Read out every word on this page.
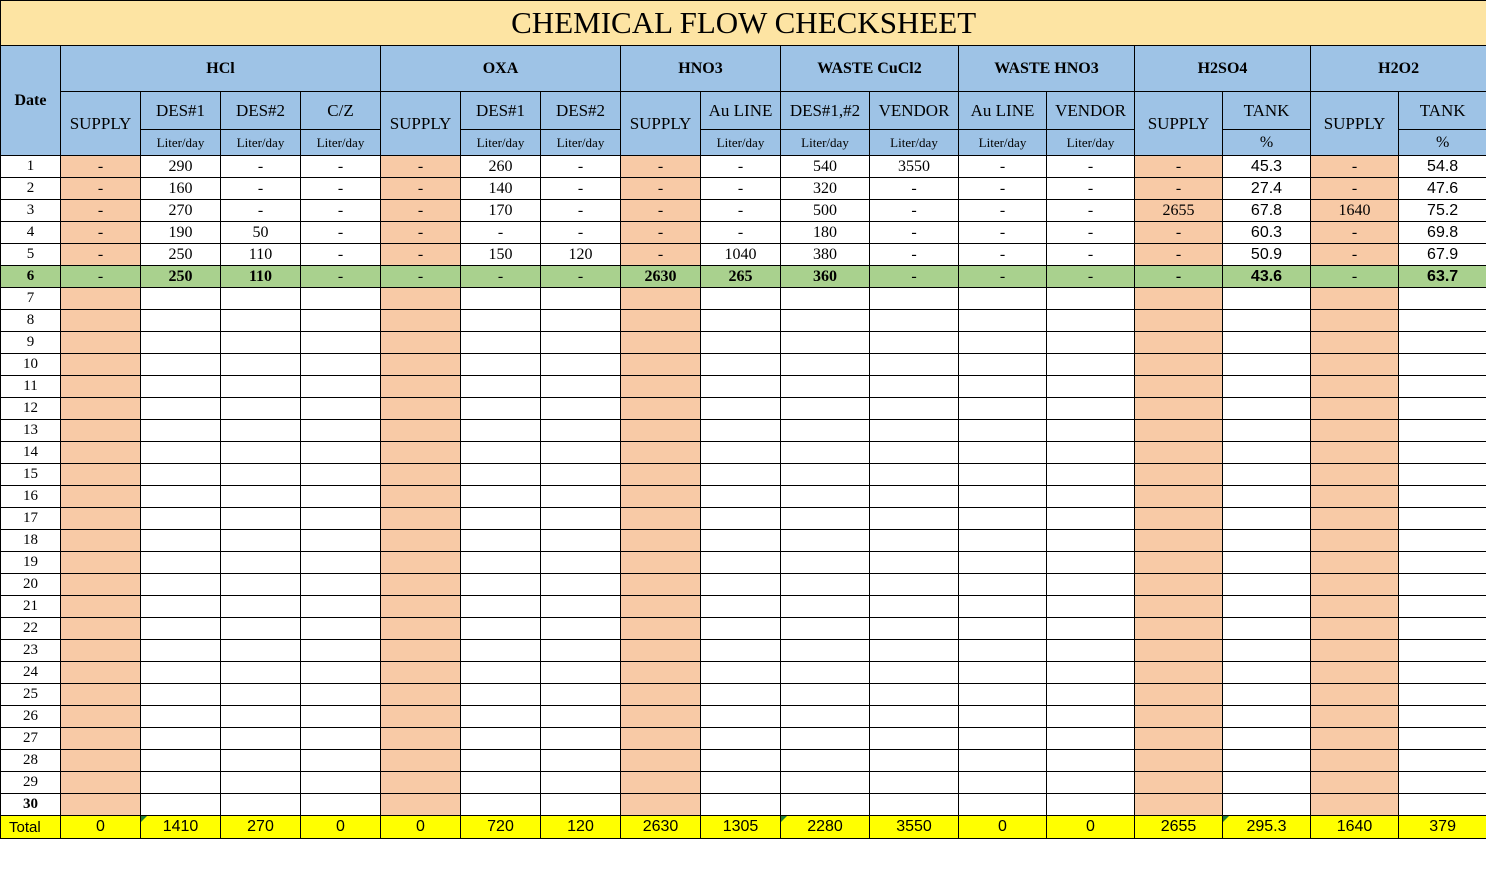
CHEMICAL FLOW CHECKSHEET																	
Date	HCl				OXA			HNO3		WASTE CuCl2		WASTE HNO3		H2SO4		H2O2	
	SUPPLY	DES#1	DES#2	C/Z	SUPPLY	DES#1	DES#2	SUPPLY	Au LINE	DES#1,#2	VENDOR	Au LINE	VENDOR	SUPPLY	TANK	SUPPLY	TANK
		Liter/day	Liter/day	Liter/day		Liter/day	Liter/day		Liter/day	Liter/day	Liter/day	Liter/day	Liter/day		%		%
1	-	290	-	-	-	260	-	-	-	540	3550	-	-	-	45.3	-	54.8
2	-	160	-	-	-	140	-	-	-	320	-	-	-	-	27.4	-	47.6
3	-	270	-	-	-	170	-	-	-	500	-	-	-	2655	67.8	1640	75.2
4	-	190	50	-	-	-	-	-	-	180	-	-	-	-	60.3	-	69.8
5	-	250	110	-	-	150	120	-	1040	380	-	-	-	-	50.9	-	67.9
6	-	250	110	-	-	-	-	2630	265	360	-	-	-	-	43.6	-	63.7
7																	
8																	
9																	
10																	
11																	
12																	
13																	
14																	
15																	
16																	
17																	
18																	
19																	
20																	
21																	
22																	
23																	
24																	
25																	
26																	
27																	
28																	
29																	
30																	
Total	0	1410	270	0	0	720	120	2630	1305	2280	3550	0	0	2655	295.3	1640	379
